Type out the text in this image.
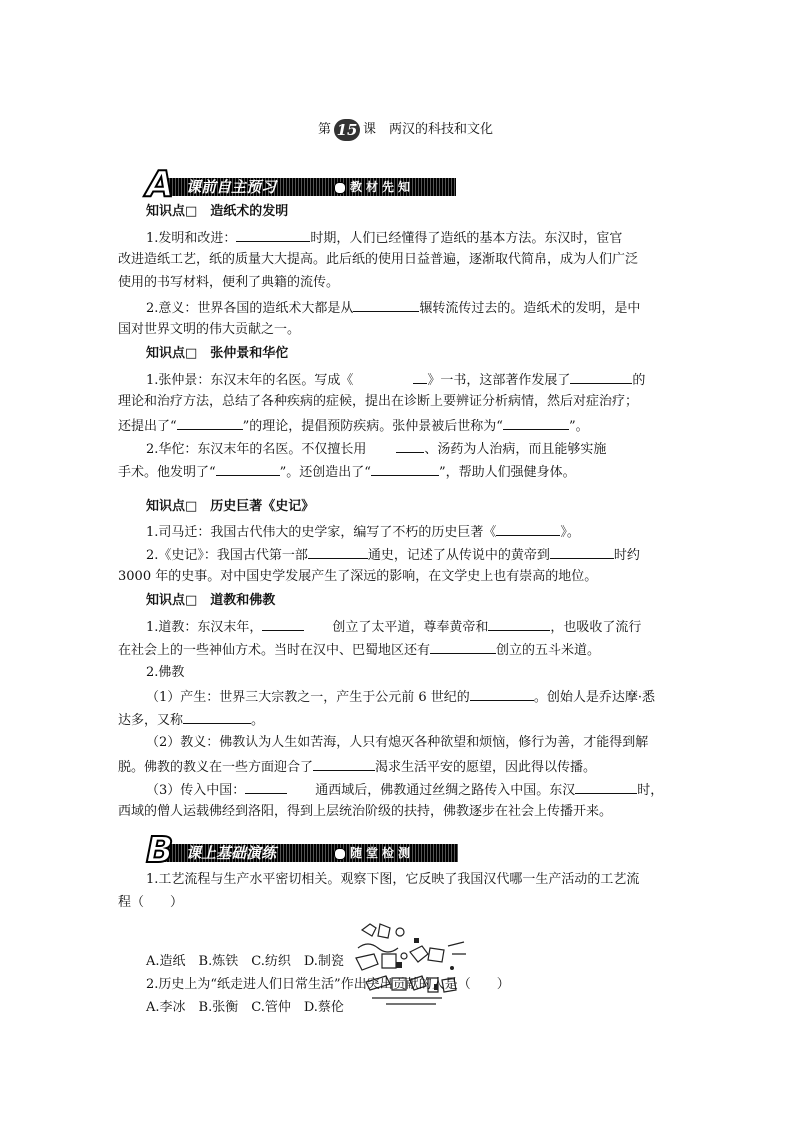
第 15 课　两汉的科技和文化
A 课前自主预习	教材先知
知识点□　造纸术的发明
1.发明和改进：	时期，人们已经懂得了造纸的基本方法。东汉时，宦官
改进造纸工艺，纸的质量大大提高。此后纸的使用日益普遍，逐渐取代简帛，成为人们广泛
使用的书写材料，便利了典籍的流传。
2.意义：世界各国的造纸术大都是从	辗转流传过去的。造纸术的发明，是中
国对世界文明的伟大贡献之一。
知识点□　张仲景和华佗
1.张仲景：东汉末年的名医。写成《	》一书，这部著作发展了	的
理论和治疗方法，总结了各种疾病的症候，提出在诊断上要辨证分析病情，然后对症治疗；
还提出了“	”的理论，提倡预防疾病。张仲景被后世称为“	”。
2.华佗：东汉末年的名医。不仅擅长用	、汤药为人治病，而且能够实施
手术。他发明了“	”。还创造出了“	”，帮助人们强健身体。
知识点□　历史巨著《史记》
1.司马迁：我国古代伟大的史学家，编写了不朽的历史巨著《	》。
2.《史记》：我国古代第一部	通史，记述了从传说中的黄帝到	时约
3000 年的史事。对中国史学发展产生了深远的影响，在文学史上也有崇高的地位。
知识点□　道教和佛教
1.道教：东汉末年，	创立了太平道，尊奉黄帝和	，也吸收了流行
在社会上的一些神仙方术。当时在汉中、巴蜀地区还有	创立的五斗米道。
2.佛教
（1）产生：世界三大宗教之一，产生于公元前 6 世纪的	。创始人是乔达摩·悉
达多，又称	。
（2）教义：佛教认为人生如苦海，人只有熄灭各种欲望和烦恼，修行为善，才能得到解
脱。佛教的教义在一些方面迎合了	渴求生活平安的愿望，因此得以传播。
（3）传入中国：	通西域后，佛教通过丝绸之路传入中国。东汉	时，
西域的僧人运载佛经到洛阳，得到上层统治阶级的扶持，佛教逐步在社会上传播开来。
B 课上基础演练	随堂检测
1.工艺流程与生产水平密切相关。观察下图，它反映了我国汉代哪一生产活动的工艺流
程（　　）
A.造纸　B.炼铁　C.纺织　D.制瓷
2.历史上为“纸走进人们日常生活”作出突出贡献的人是（　　）
A.李冰　B.张衡　C.管仲　D.蔡伦
